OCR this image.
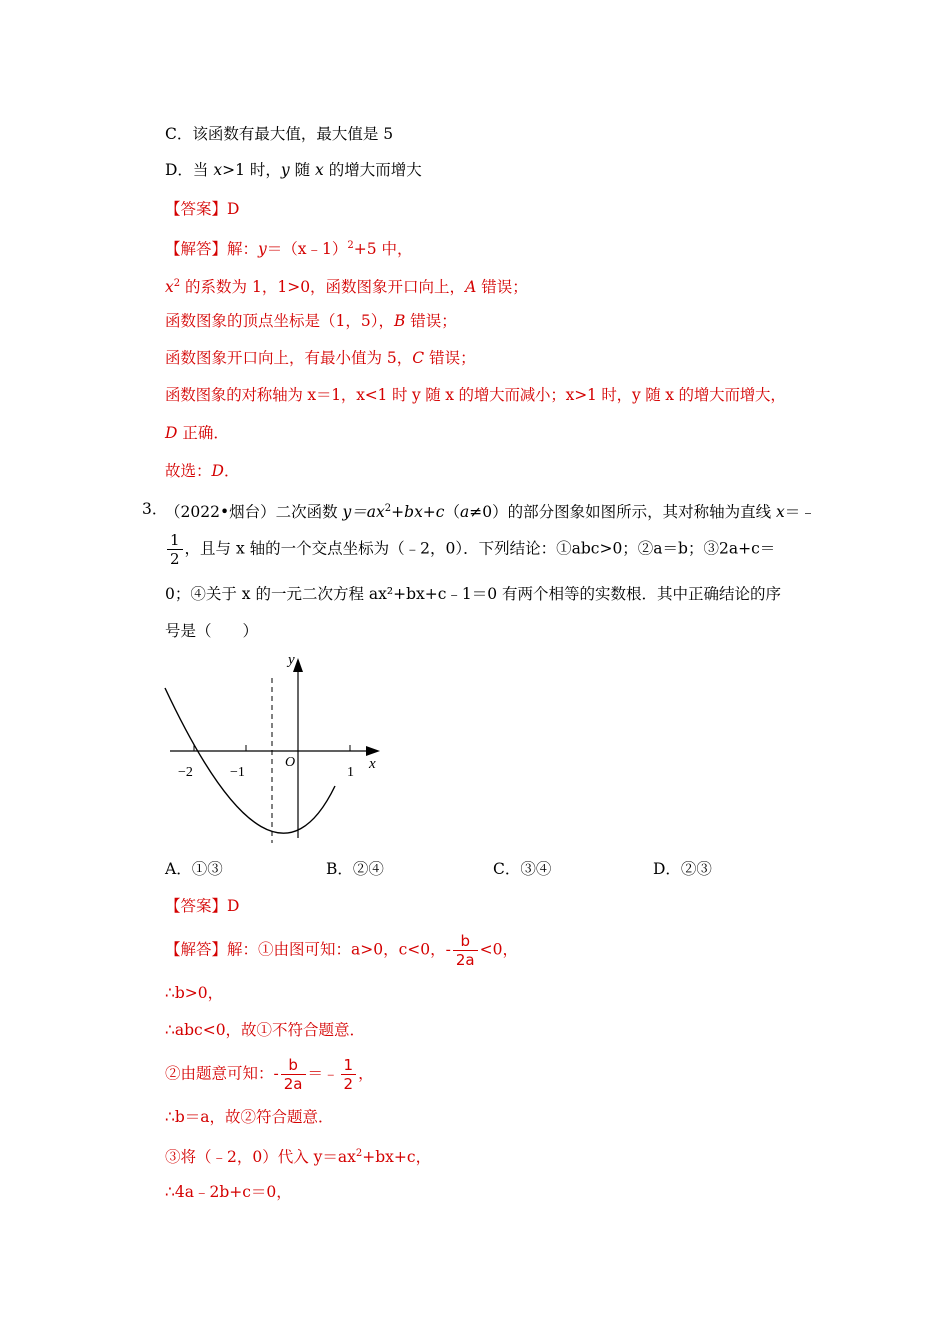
C．该函数有最大值，最大值是 5
D．当 x>1 时，y 随 x 的增大而增大
【答案】D
【解答】解：y＝（x﹣1）$^2$+5 中，
$x^2$ 的系数为 1，1>0，函数图象开口向上，A 错误；
函数图象的顶点坐标是（1，5），B 错误；
函数图象开口向上，有最小值为 5，C 错误；
函数图象的对称轴为 x＝1，x<1 时 y 随 x 的增大而减小；x>1 时，y 随 x 的增大而增大，
D 正确．
故选：D．
3．
（2022•烟台）二次函数 $y=ax^2+bx+c(a\ne 0)$的部分图象如图所示，其对称轴为直线 x＝﹣
$\frac{1}{2}$ ，且与 x 轴的一个交点坐标为（﹣2，0）．下列结论：①abc>0；②a＝b；③2a+c＝
0；④关于 x 的一元二次方程 ax²+bx+c﹣1＝0 有两个相等的实数根．其中正确结论的序
号是（　　）
y
x
O
−2	−1	1
A．①③	B．②④	C．③④	D．②③
【答案】D
【解答】解：①由图可知：a>0，c<0，- $\frac{b}{2a} <0$，
∴b>0，
∴abc<0，故①不符合题意．
②由题意可知：- $\frac{b}{2a}$ ＝﹣ $\frac{1}{2}$ ，
∴b＝a，故②符合题意．
③将（﹣2，0）代入 $y=ax^2+bx+c$，
∴4a﹣2b+c＝0，
